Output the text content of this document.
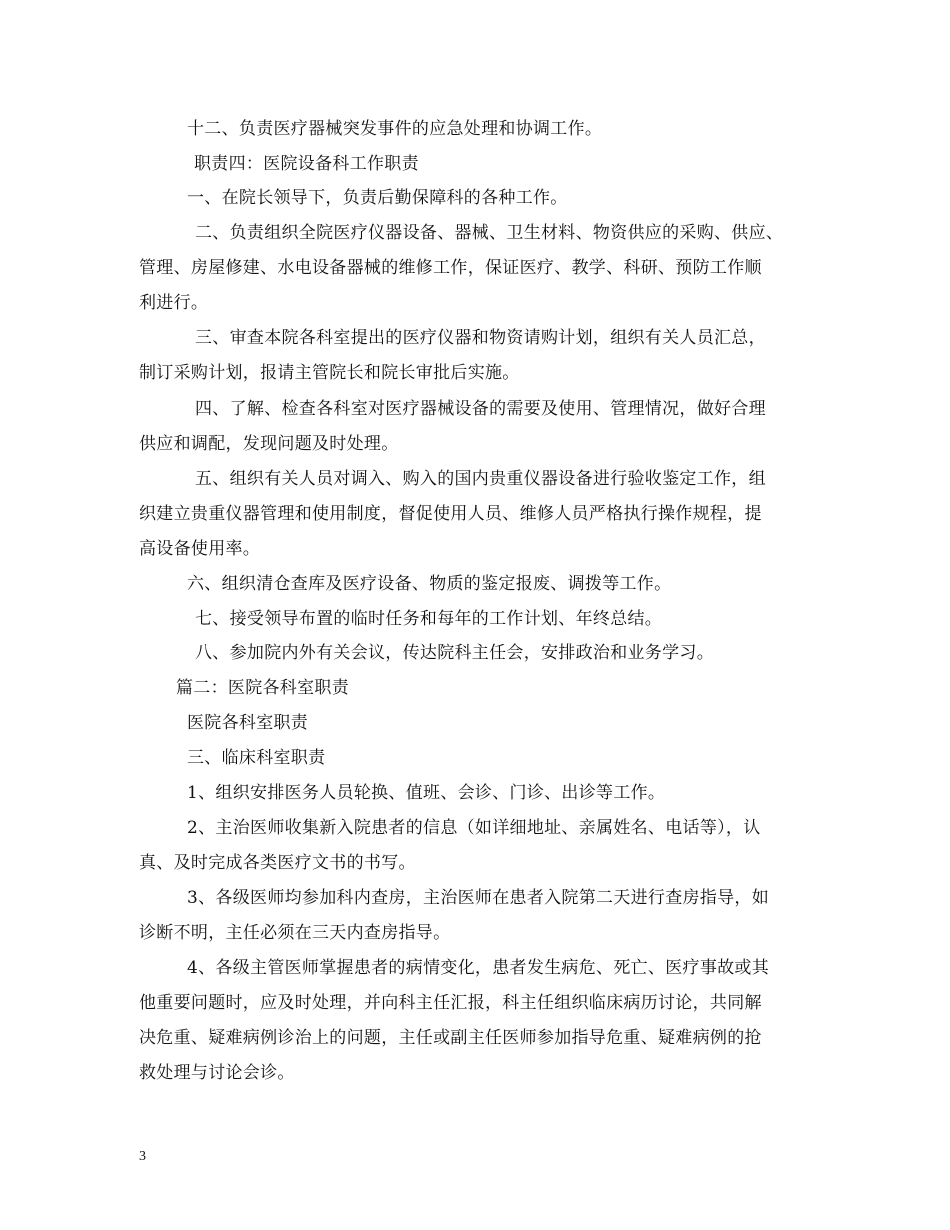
十二、负责医疗器械突发事件的应急处理和协调工作。
职责四：医院设备科工作职责
一、在院长领导下，负责后勤保障科的各种工作。
二、负责组织全院医疗仪器设备、器械、卫生材料、物资供应的采购、供应、
管理、房屋修建、水电设备器械的维修工作，保证医疗、教学、科研、预防工作顺
利进行。
三、审查本院各科室提出的医疗仪器和物资请购计划，组织有关人员汇总，
制订采购计划，报请主管院长和院长审批后实施。
四、了解、检查各科室对医疗器械设备的需要及使用、管理情况，做好合理
供应和调配，发现问题及时处理。
五、组织有关人员对调入、购入的国内贵重仪器设备进行验收鉴定工作，组
织建立贵重仪器管理和使用制度，督促使用人员、维修人员严格执行操作规程，提
高设备使用率。
六、组织清仓查库及医疗设备、物质的鉴定报废、调拨等工作。
七、接受领导布置的临时任务和每年的工作计划、年终总结。
八、参加院内外有关会议，传达院科主任会，安排政治和业务学习。
篇二：医院各科室职责
医院各科室职责
三、临床科室职责
1、组织安排医务人员轮换、值班、会诊、门诊、出诊等工作。
2、主治医师收集新入院患者的信息（如详细地址、亲属姓名、电话等），认
真、及时完成各类医疗文书的书写。
3、各级医师均参加科内查房，主治医师在患者入院第二天进行查房指导，如
诊断不明，主任必须在三天内查房指导。
4、各级主管医师掌握患者的病情变化，患者发生病危、死亡、医疗事故或其
他重要问题时，应及时处理，并向科主任汇报，科主任组织临床病历讨论，共同解
决危重、疑难病例诊治上的问题，主任或副主任医师参加指导危重、疑难病例的抢
救处理与讨论会诊。
3
